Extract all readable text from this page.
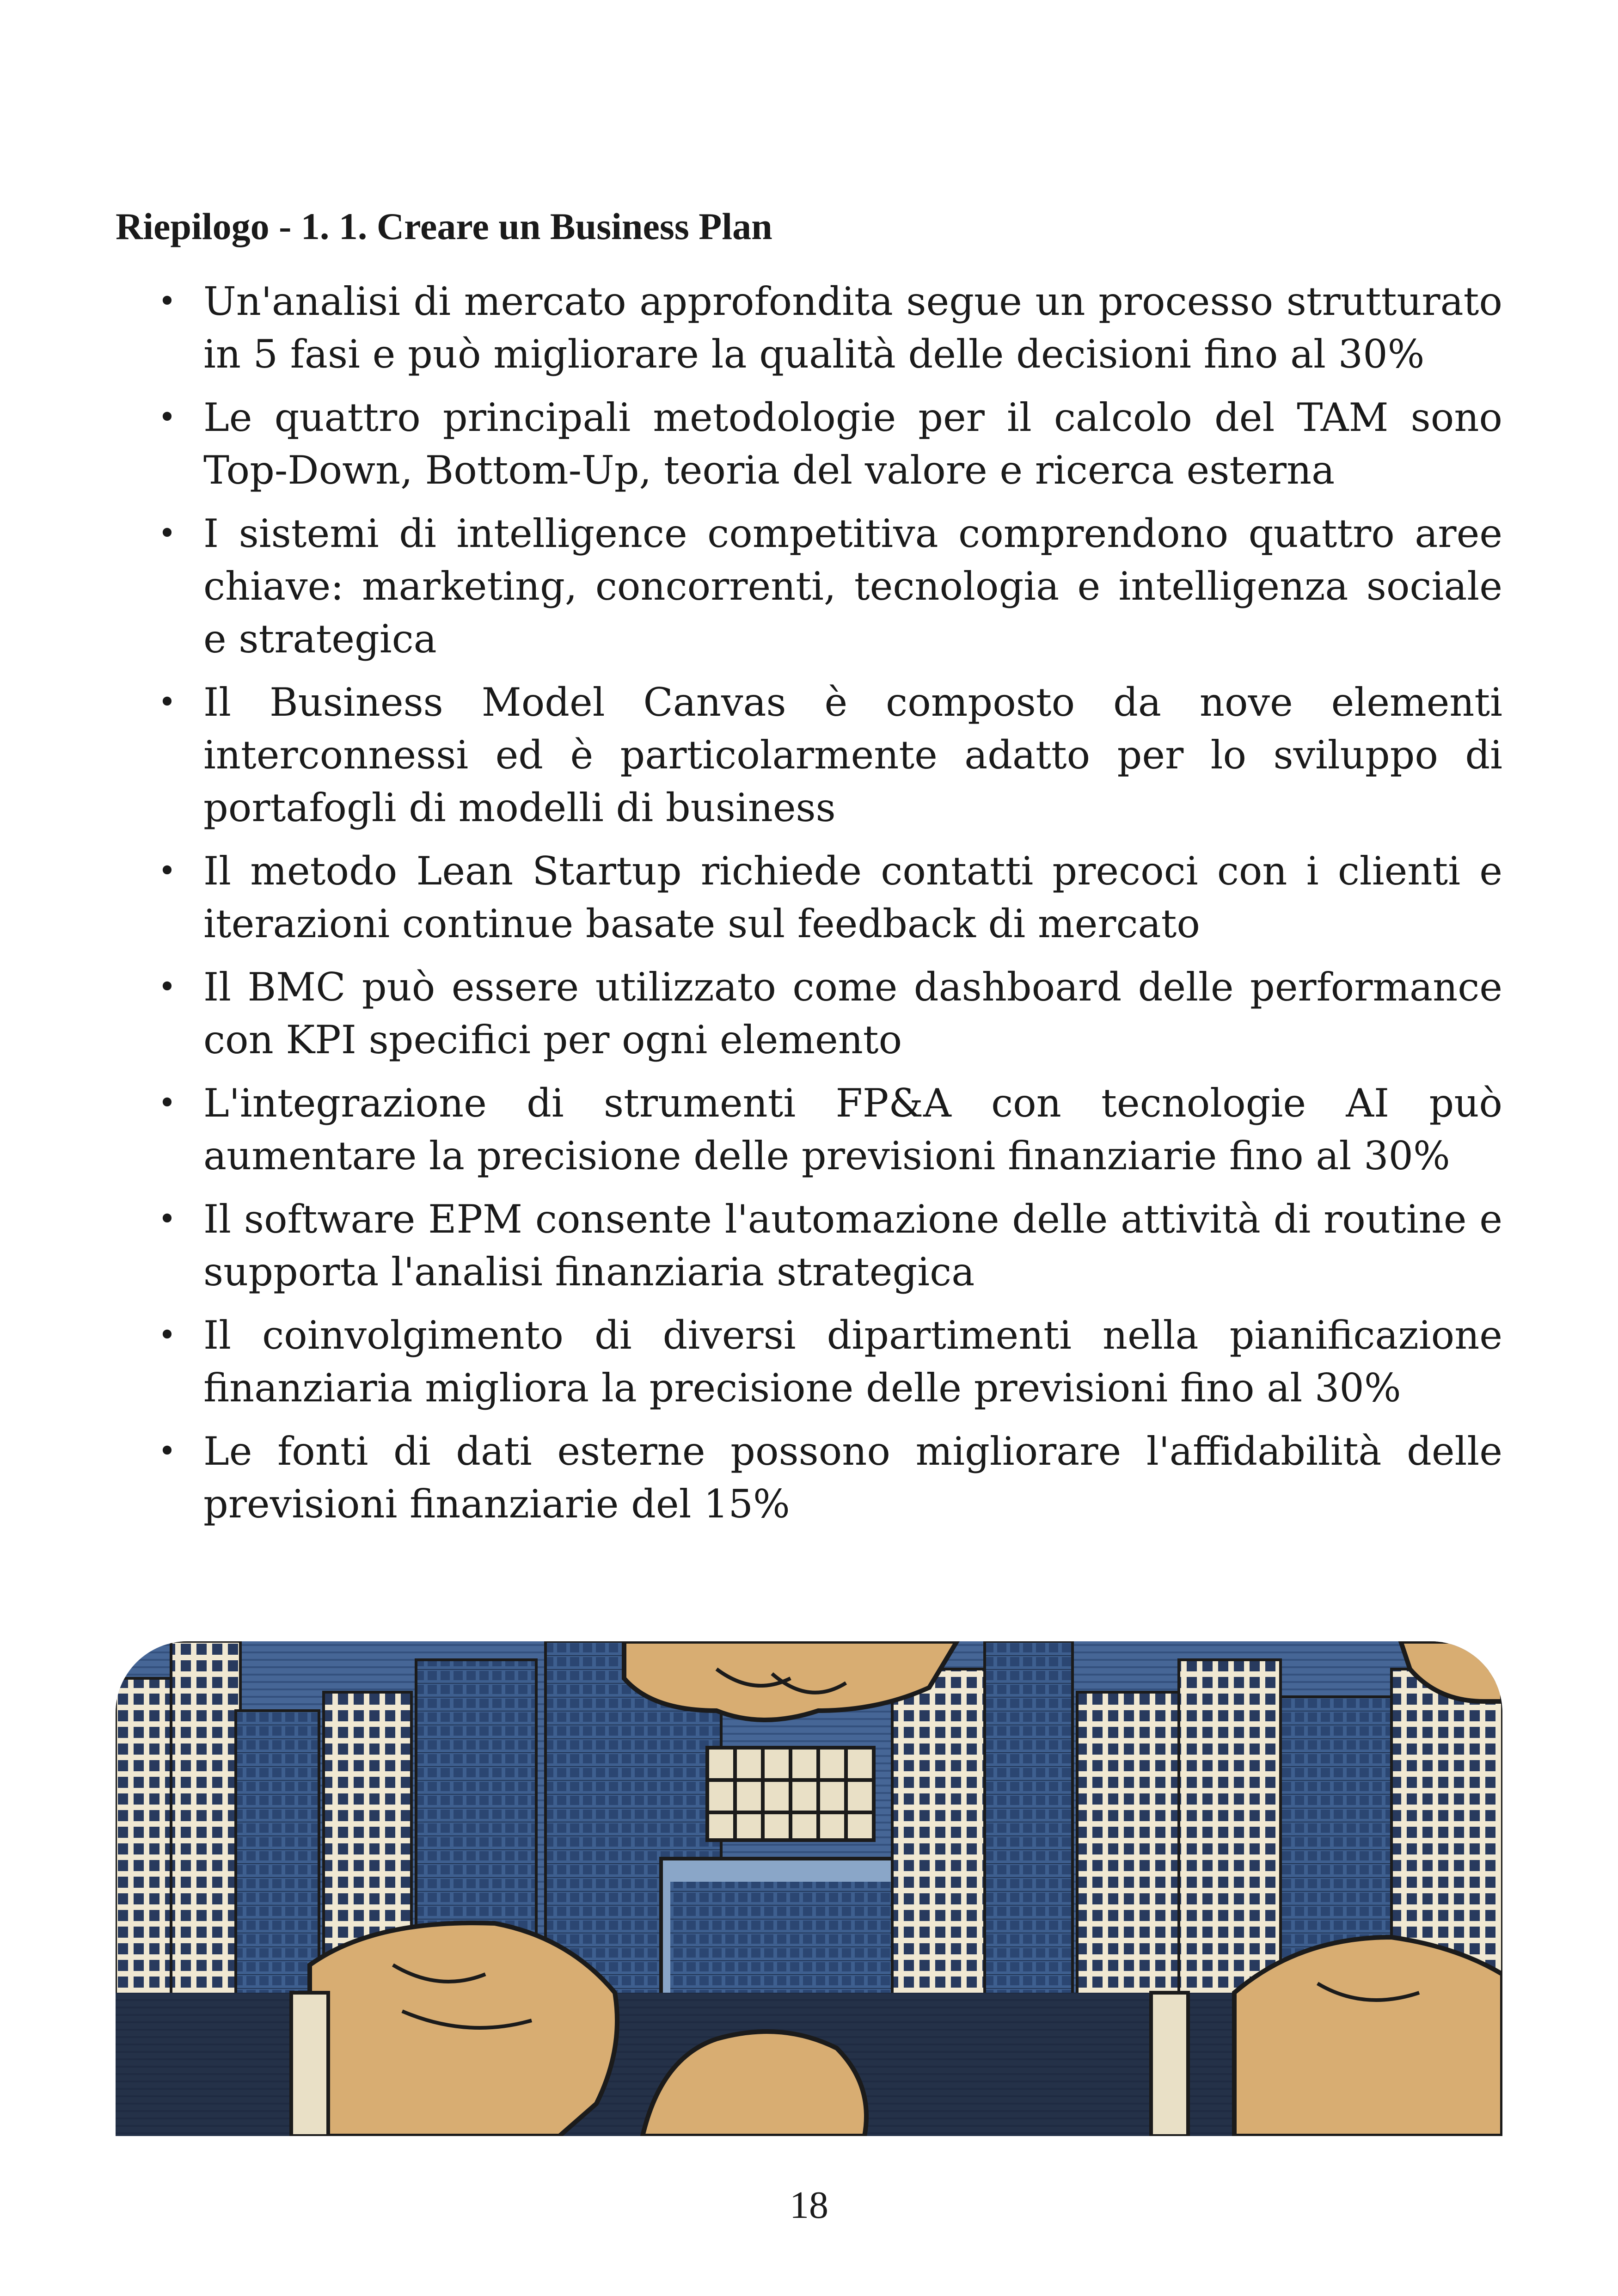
Riepilogo - 1. 1. Creare un Business Plan
• Un'analisi di mercato approfondita segue un processo strutturato in 5 fasi e può migliorare la qualità delle decisioni fino al 30%
• Le quattro principali metodologie per il calcolo del TAM sono Top-Down, Bottom-Up, teoria del valore e ricerca esterna
• I sistemi di intelligence competitiva comprendono quattro aree chiave: marketing, concorrenti, tecnologia e intelligenza sociale e strategica
• Il Business Model Canvas è composto da nove elementi interconnessi ed è particolarmente adatto per lo sviluppo di portafogli di modelli di business
• Il metodo Lean Startup richiede contatti precoci con i clienti e iterazioni continue basate sul feedback di mercato
• Il BMC può essere utilizzato come dashboard delle performance con KPI specifici per ogni elemento
• L'integrazione di strumenti FP&A con tecnologie AI può aumentare la precisione delle previsioni finanziarie fino al 30%
• Il software EPM consente l'automazione delle attività di routine e supporta l'analisi finanziaria strategica
• Il coinvolgimento di diversi dipartimenti nella pianificazione finanziaria migliora la precisione delle previsioni fino al 30%
• Le fonti di dati esterne possono migliorare l'affidabilità delle previsioni finanziarie del 15%
18
